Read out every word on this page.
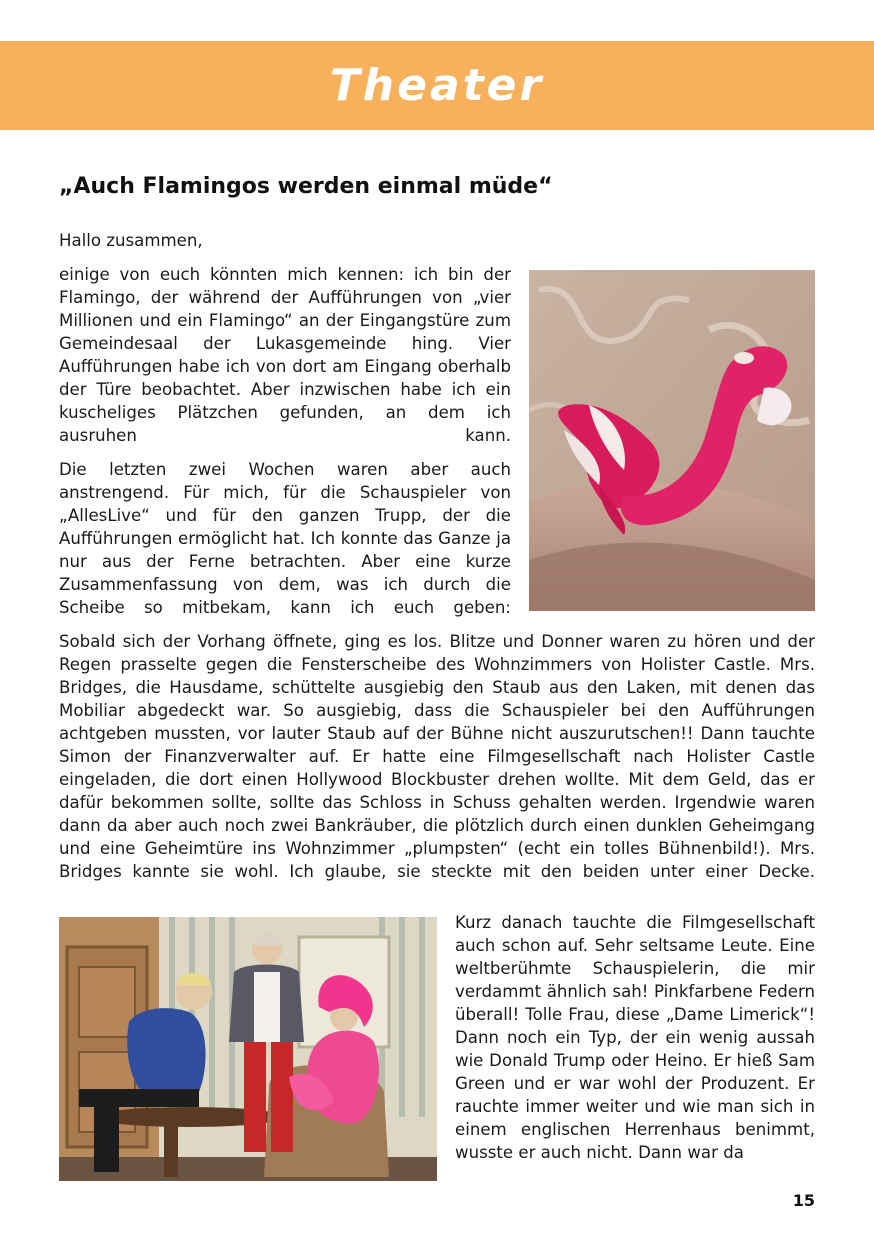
Theater
„Auch Flamingos werden einmal müde“

Hallo zusammen,

einige von euch könnten mich kennen: ich bin der Flamingo, der während der Aufführungen von „vier Millionen und ein Flamingo“ an der Eingangstüre zum Gemeindesaal der Lukasgemeinde hing. Vier Aufführungen habe ich von dort am Eingang oberhalb der Türe beobachtet. Aber inzwischen habe ich ein kuscheliges Plätzchen gefunden, an dem ich ausruhen kann.

Die letzten zwei Wochen waren aber auch anstrengend. Für mich, für die Schauspieler von „AllesLive“ und für den ganzen Trupp, der die Aufführungen ermöglicht hat. Ich konnte das Ganze ja nur aus der Ferne betrachten. Aber eine kurze Zusammenfassung von dem, was ich durch die Scheibe so mitbekam, kann ich euch geben:

Sobald sich der Vorhang öffnete, ging es los. Blitze und Donner waren zu hören und der Regen prasselte gegen die Fensterscheibe des Wohnzimmers von Holister Castle. Mrs. Bridges, die Hausdame, schüttelte ausgiebig den Staub aus den Laken, mit denen das Mobiliar abgedeckt war. So ausgiebig, dass die Schauspieler bei den Aufführungen achtgeben mussten, vor lauter Staub auf der Bühne nicht auszurutschen!! Dann tauchte Simon der Finanzverwalter auf. Er hatte eine Filmgesellschaft nach Holister Castle eingeladen, die dort einen Hollywood Blockbuster drehen wollte. Mit dem Geld, das er dafür bekommen sollte, sollte das Schloss in Schuss gehalten werden. Irgendwie waren dann da aber auch noch zwei Bankräuber, die plötzlich durch einen dunklen Geheimgang und eine Geheimtüre ins Wohnzimmer „plumpsten“ (echt ein tolles Bühnenbild!). Mrs. Bridges kannte sie wohl. Ich glaube, sie steckte mit den beiden unter einer Decke.

Kurz danach tauchte die Filmgesellschaft auch schon auf. Sehr seltsame Leute. Eine weltberühmte Schauspielerin, die mir verdammt ähnlich sah! Pinkfarbene Federn überall! Tolle Frau, diese „Dame Limerick“! Dann noch ein Typ, der ein wenig aussah wie Donald Trump oder Heino. Er hieß Sam Green und er war wohl der Produzent. Er rauchte immer weiter und wie man sich in einem englischen Herrenhaus benimmt, wusste er auch nicht. Dann war da

15
